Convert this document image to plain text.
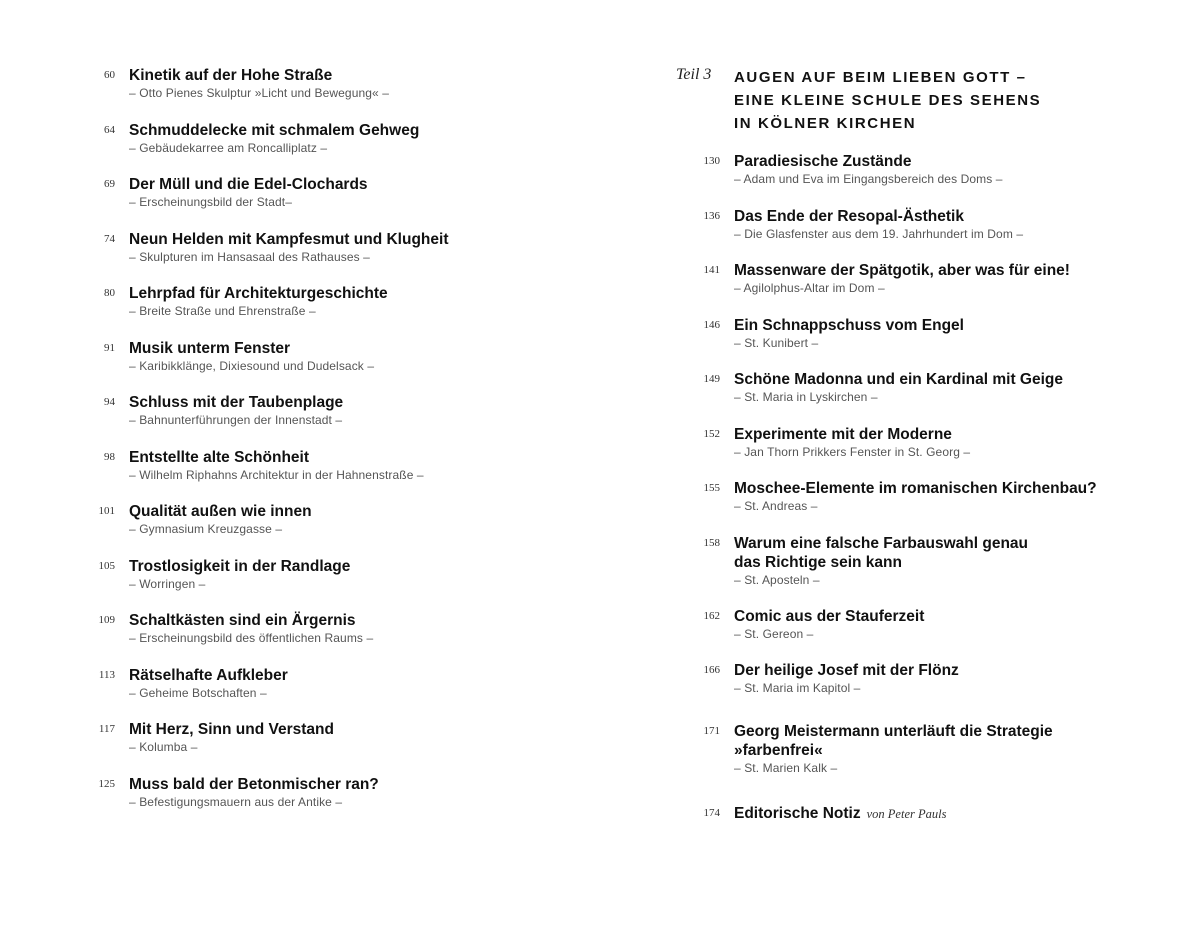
60 Kinetik auf der Hohe Straße
– Otto Pienes Skulptur »Licht und Bewegung« –
64 Schmuddelecke mit schmalem Gehweg
– Gebäudekarree am Roncalliplatz –
69 Der Müll und die Edel-Clochards
– Erscheinungsbild der Stadt–
74 Neun Helden mit Kampfesmut und Klugheit
– Skulpturen im Hansasaal des Rathauses –
80 Lehrpfad für Architekturgeschichte
– Breite Straße und Ehrenstraße –
91 Musik unterm Fenster
– Karibikklänge, Dixiesound und Dudelsack –
94 Schluss mit der Taubenplage
– Bahnunterführungen der Innenstadt –
98 Entstellte alte Schönheit
– Wilhelm Riphahns Architektur in der Hahnenstraße –
101 Qualität außen wie innen
– Gymnasium Kreuzgasse –
105 Trostlosigkeit in der Randlage
– Worringen –
109 Schaltkästen sind ein Ärgernis
– Erscheinungsbild des öffentlichen Raums –
113 Rätselhafte Aufkleber
– Geheime Botschaften –
117 Mit Herz, Sinn und Verstand
– Kolumba –
125 Muss bald der Betonmischer ran?
– Befestigungsmauern aus der Antike –
Teil 3 AUGEN AUF BEIM LIEBEN GOTT –
EINE KLEINE SCHULE DES SEHENS
IN KÖLNER KIRCHEN
130 Paradiesische Zustände
– Adam und Eva im Eingangsbereich des Doms –
136 Das Ende der Resopal-Ästhetik
– Die Glasfenster aus dem 19. Jahrhundert im Dom –
141 Massenware der Spätgotik, aber was für eine!
– Agilolphus-Altar im Dom –
146 Ein Schnappschuss vom Engel
– St. Kunibert –
149 Schöne Madonna und ein Kardinal mit Geige
– St. Maria in Lyskirchen –
152 Experimente mit der Moderne
– Jan Thorn Prikkers Fenster in St. Georg –
155 Moschee-Elemente im romanischen Kirchenbau?
– St. Andreas –
158 Warum eine falsche Farbauswahl genau
das Richtige sein kann
– St. Aposteln –
162 Comic aus der Stauferzeit
– St. Gereon –
166 Der heilige Josef mit der Flönz
– St. Maria im Kapitol –
171 Georg Meistermann unterläuft die Strategie
»farbenfrei«
– St. Marien Kalk –
174 Editorische Notiz von Peter Pauls
